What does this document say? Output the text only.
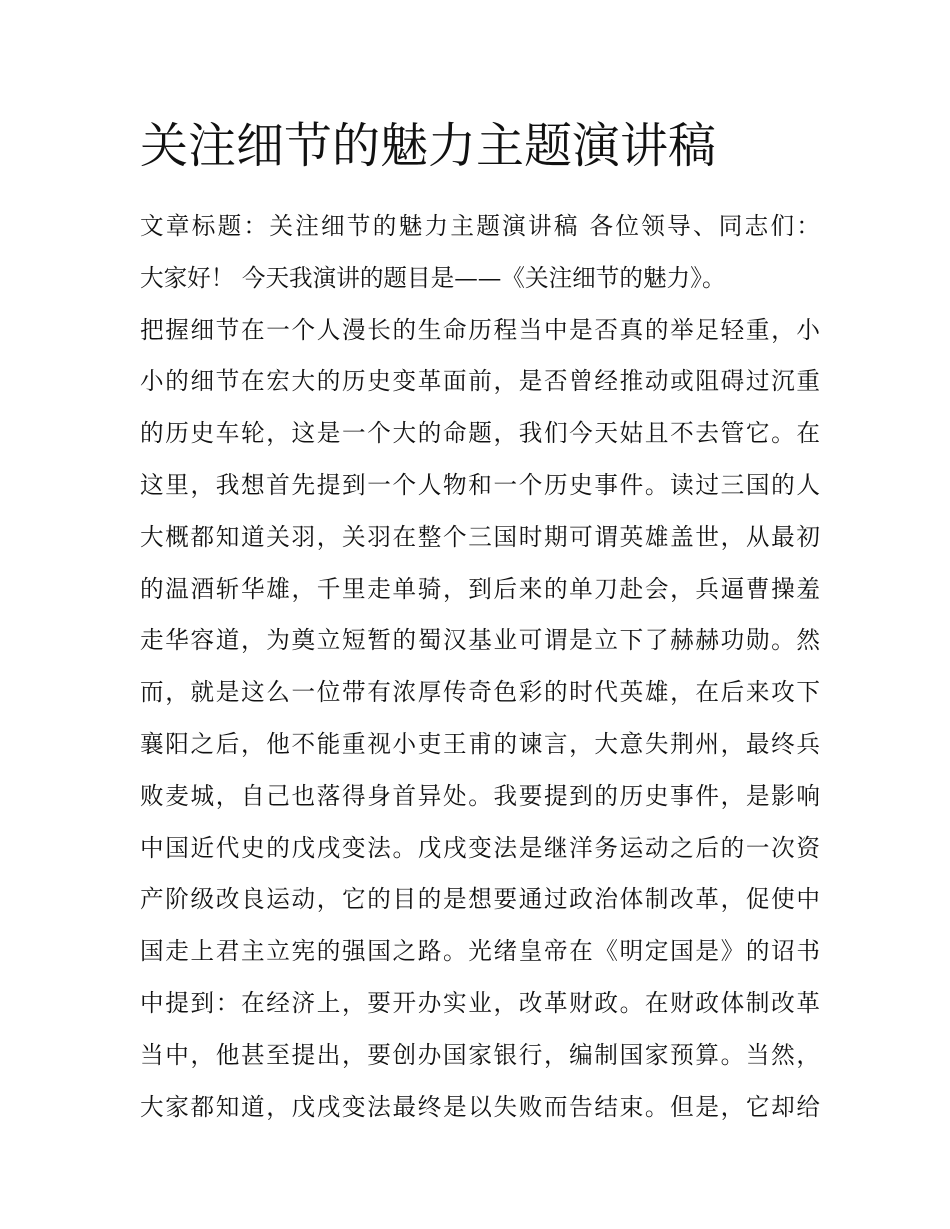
关注细节的魅力主题演讲稿
文章标题：关注细节的魅力主题演讲稿 各位领导、同志们：
大家好！ 今天我演讲的题目是——《关注细节的魅力》。
把握细节在一个人漫长的生命历程当中是否真的举足轻重，小
小的细节在宏大的历史变革面前，是否曾经推动或阻碍过沉重
的历史车轮，这是一个大的命题，我们今天姑且不去管它。在
这里，我想首先提到一个人物和一个历史事件。读过三国的人
大概都知道关羽，关羽在整个三国时期可谓英雄盖世，从最初
的温酒斩华雄，千里走单骑，到后来的单刀赴会，兵逼曹操羞
走华容道，为奠立短暂的蜀汉基业可谓是立下了赫赫功勋。然
而，就是这么一位带有浓厚传奇色彩的时代英雄，在后来攻下
襄阳之后，他不能重视小吏王甫的谏言，大意失荆州，最终兵
败麦城，自己也落得身首异处。我要提到的历史事件，是影响
中国近代史的戊戌变法。戊戌变法是继洋务运动之后的一次资
产阶级改良运动，它的目的是想要通过政治体制改革，促使中
国走上君主立宪的强国之路。光绪皇帝在《明定国是》的诏书
中提到：在经济上，要开办实业，改革财政。在财政体制改革
当中，他甚至提出，要创办国家银行，编制国家预算。当然，
大家都知道，戊戌变法最终是以失败而告结束。但是，它却给
